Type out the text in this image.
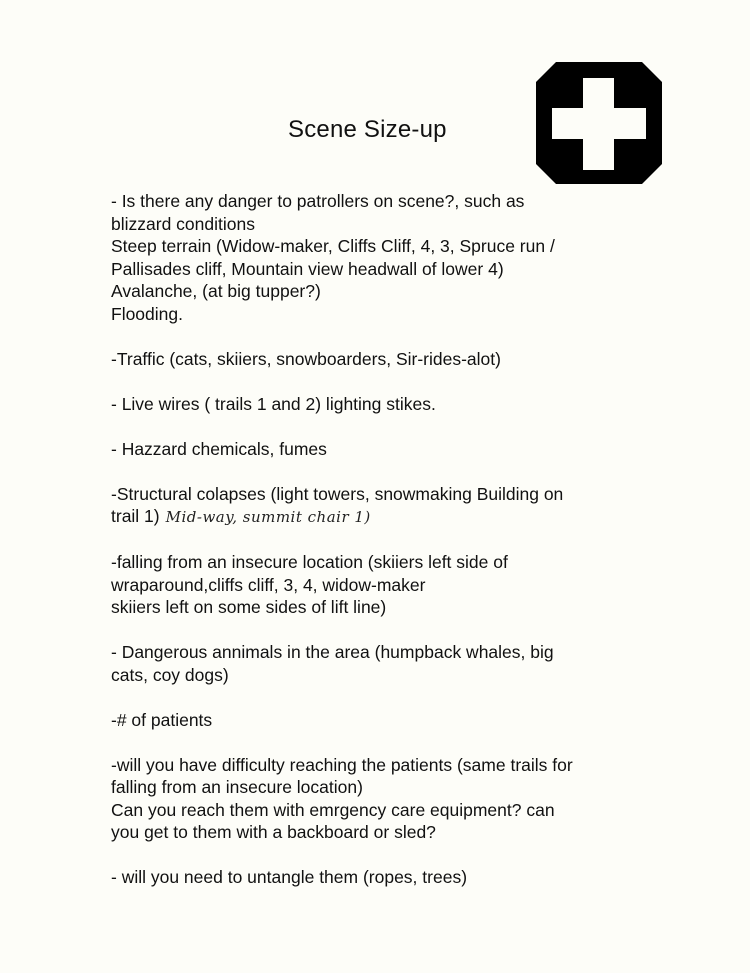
Scene Size-up
- Is there any danger to patrollers on scene?, such as
blizzard conditions
Steep terrain (Widow-maker, Cliffs Cliff, 4, 3, Spruce run /
Pallisades cliff, Mountain view headwall of lower 4)
Avalanche, (at big tupper?)
Flooding.
-Traffic (cats, skiiers, snowboarders, Sir-rides-alot)
- Live wires ( trails 1 and 2) lighting stikes.
- Hazzard chemicals, fumes
-Structural colapses (light towers, snowmaking Building on
trail 1) Mid-way, summit chair 1)
-falling from an insecure location (skiiers left side of
wraparound,cliffs cliff, 3, 4, widow-maker
skiiers left on some sides of lift line)
- Dangerous annimals in the area (humpback whales, big
cats, coy dogs)
-# of patients
-will you have difficulty reaching the patients (same trails for
falling from an insecure location)
Can you reach them with emrgency care equipment? can
you get to them with a backboard or sled?
- will you need to untangle them (ropes, trees)
